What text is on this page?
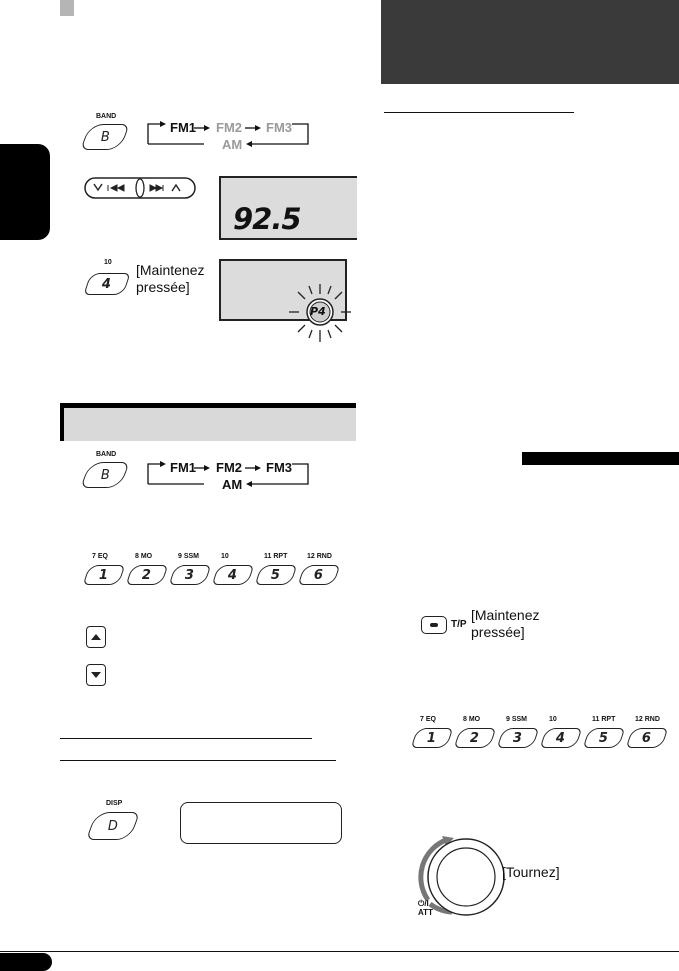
BAND
B
FM1 FM2 FM3
AM
92.5
10
4
[Maintenez
pressée]
P4
BAND
B	FM1 FM2 FM3
AM
7 EQ
1
8 MO
2
9 SSM
3
10
4
11 RPT
5
12 RND
6
DISP
D
T/P
[Maintenez
pressée]
7 EQ
1
8 MO
2
9 SSM
3
10
4
11 RPT
5
12 RND
6
⏻/I
ATT
[Tournez]
